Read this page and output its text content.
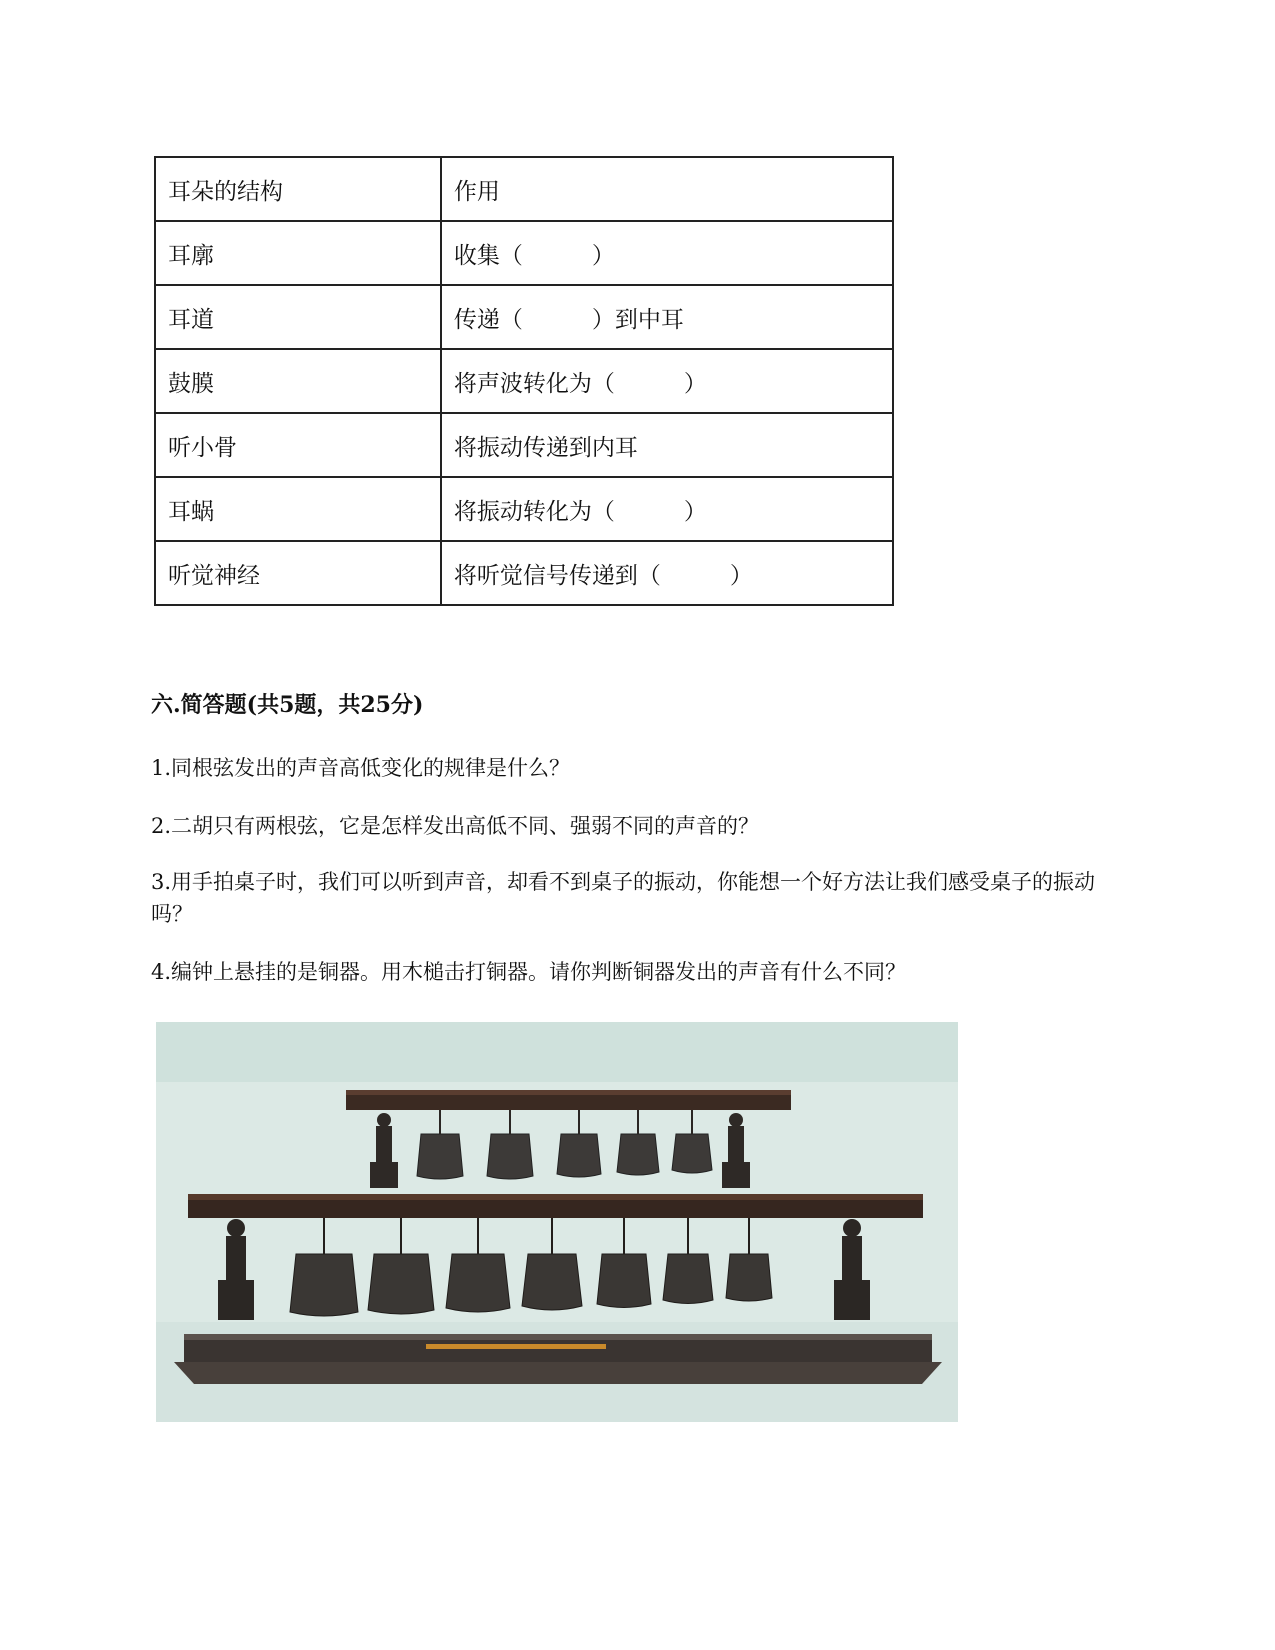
耳朵的结构	作用
耳廓	收集（　　　）
耳道	传递（　　　）到中耳
鼓膜	将声波转化为（　　　）
听小骨	将振动传递到内耳
耳蜗	将振动转化为（　　　）
听觉神经	将听觉信号传递到（　　　）
六.简答题(共5题，共25分)
1.同根弦发出的声音高低变化的规律是什么？
2.二胡只有两根弦，它是怎样发出高低不同、强弱不同的声音的？
3.用手拍桌子时，我们可以听到声音，却看不到桌子的振动，你能想一个好方法让我们感受桌子的振动吗？
4.编钟上悬挂的是铜器。用木槌击打铜器。请你判断铜器发出的声音有什么不同？
